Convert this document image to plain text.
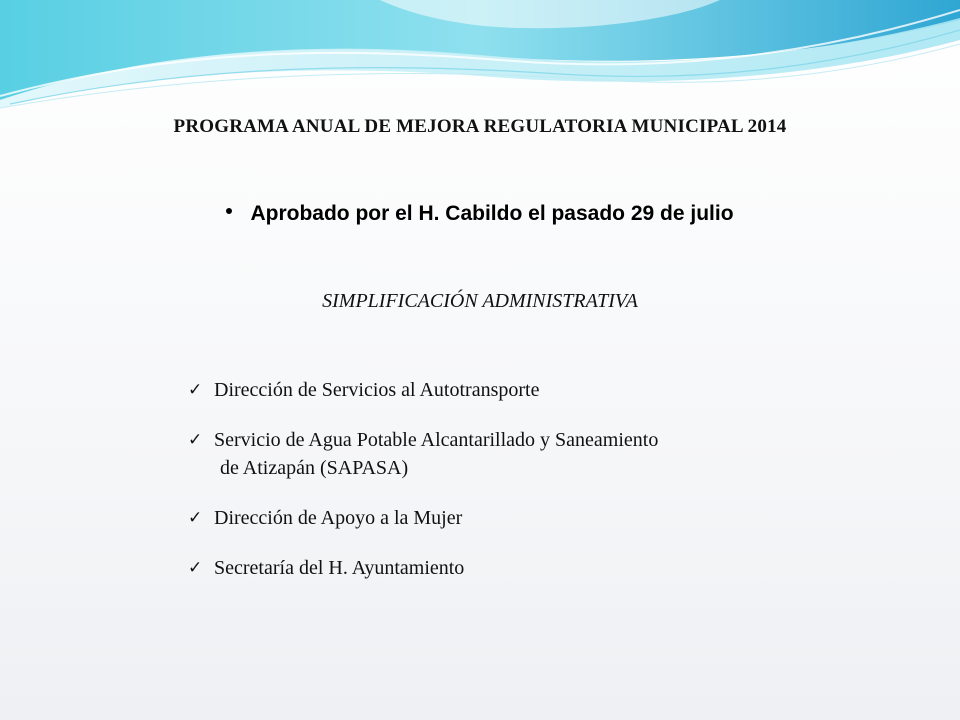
PROGRAMA ANUAL DE MEJORA REGULATORIA MUNICIPAL 2014
Aprobado por el H. Cabildo el pasado 29 de julio
SIMPLIFICACIÓN ADMINISTRATIVA
✓ Dirección de Servicios al Autotransporte
✓ Servicio de Agua Potable Alcantarillado y Saneamiento
de Atizapán (SAPASA)
✓ Dirección de Apoyo a la Mujer
✓ Secretaría del H. Ayuntamiento
